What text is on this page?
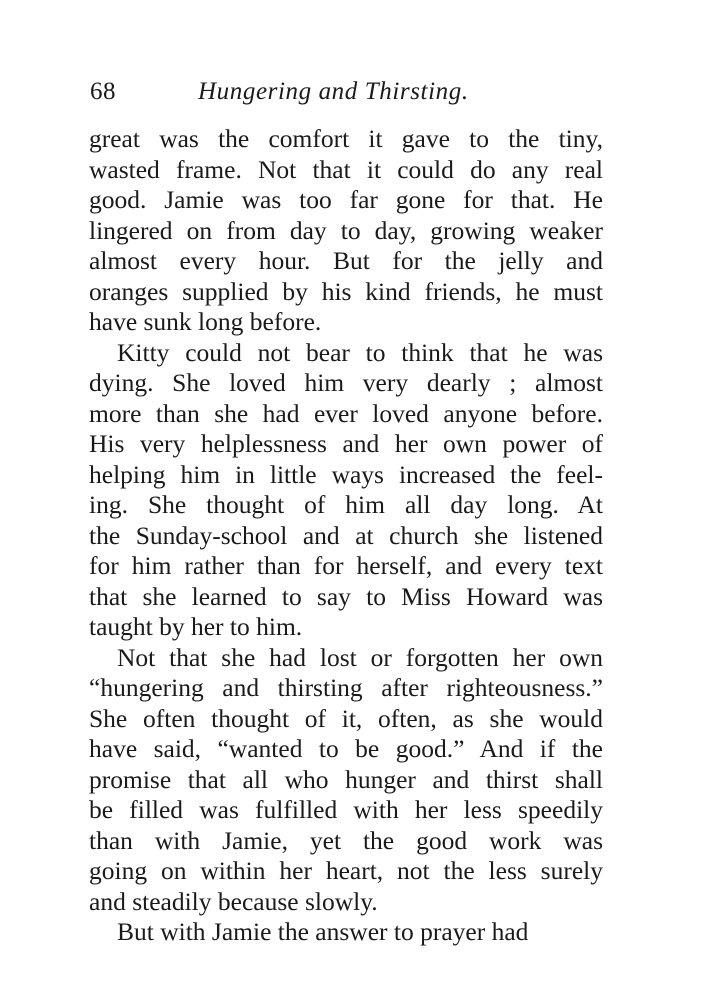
68	Hungering and Thirsting.
great was the comfort it gave to the tiny,
wasted frame. Not that it could do any real
good. Jamie was too far gone for that. He
lingered on from day to day, growing weaker
almost every hour. But for the jelly and
oranges supplied by his kind friends, he must
have sunk long before.
Kitty could not bear to think that he was
dying. She loved him very dearly ; almost
more than she had ever loved anyone before.
His very helplessness and her own power of
helping him in little ways increased the feel-
ing. She thought of him all day long. At
the Sunday-school and at church she listened
for him rather than for herself, and every text
that she learned to say to Miss Howard was
taught by her to him.
Not that she had lost or forgotten her own
“hungering and thirsting after righteousness.”
She often thought of it, often, as she would
have said, “wanted to be good.” And if the
promise that all who hunger and thirst shall
be filled was fulfilled with her less speedily
than with Jamie, yet the good work was
going on within her heart, not the less surely
and steadily because slowly.
But with Jamie the answer to prayer had
